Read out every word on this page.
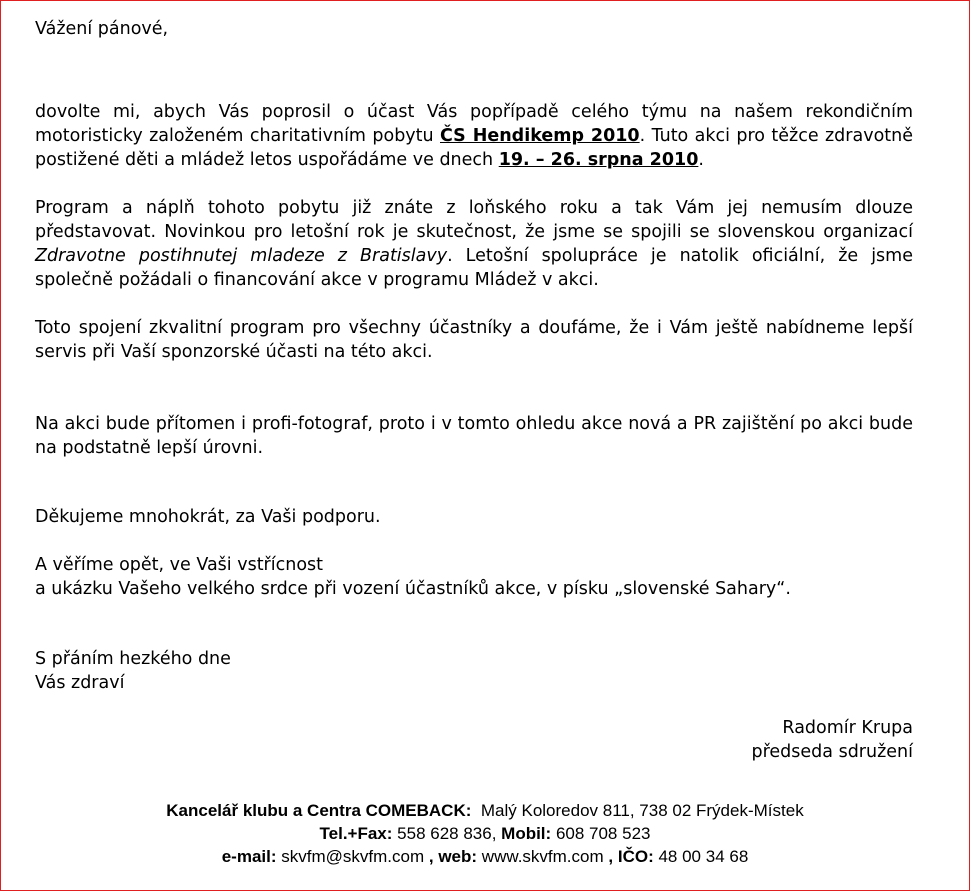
Vážení pánové,

dovolte mi, abych Vás poprosil o účast Vás popřípadě celého týmu na našem rekondičním motoristicky založeném charitativním pobytu ČS Hendikemp 2010. Tuto akci pro těžce zdravotně postižené děti a mládež letos uspořádáme ve dnech 19. – 26. srpna 2010.

Program a náplň tohoto pobytu již znáte z loňského roku a tak Vám jej nemusím dlouze představovat. Novinkou pro letošní rok je skutečnost, že jsme se spojili se slovenskou organizací Zdravotne postihnutej mladeze z Bratislavy. Letošní spolupráce je natolik oficiální, že jsme společně požádali o financování akce v programu Mládež v akci.

Toto spojení zkvalitní program pro všechny účastníky a doufáme, že i Vám ještě nabídneme lepší servis při Vaší sponzorské účasti na této akci.

Na akci bude přítomen i profi-fotograf, proto i v tomto ohledu akce nová a PR zajištění po akci bude na podstatně lepší úrovni.

Děkujeme mnohokrát, za Vaši podporu.

A věříme opět, ve Vaši vstřícnost
a ukázku Vašeho velkého srdce při vození účastníků akce, v písku „slovenské Sahary“.

S přáním hezkého dne
Vás zdraví

Radomír Krupa
předseda sdružení

Kancelář klubu a Centra COMEBACK: Malý Koloredov 811, 738 02 Frýdek-Místek
Tel.+Fax: 558 628 836, Mobil: 608 708 523
e-mail: skvfm@skvfm.com , web: www.skvfm.com , IČO: 48 00 34 68
